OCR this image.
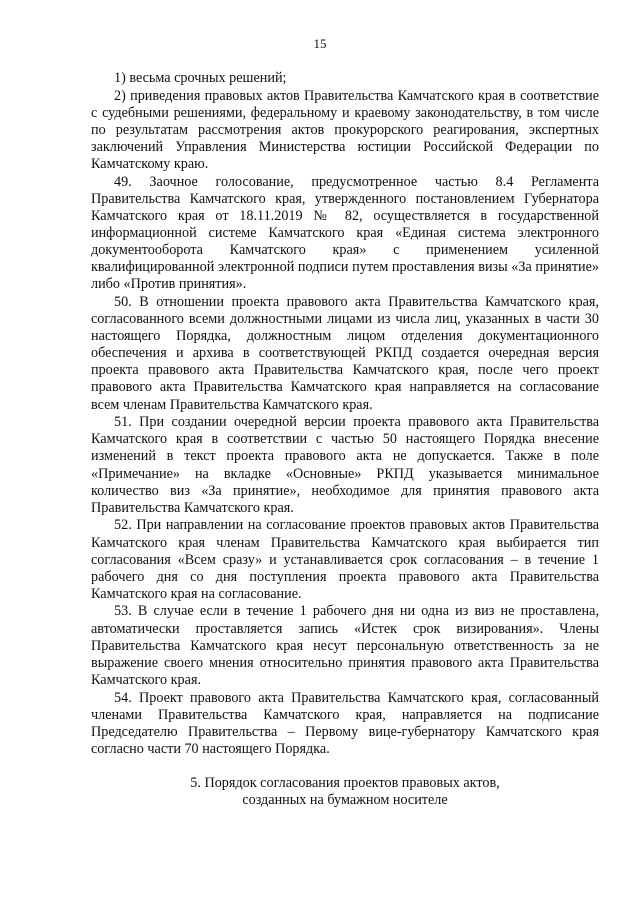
15

1) весьма срочных решений;

2) приведения правовых актов Правительства Камчатского края в соответствие с судебными решениями, федеральному и краевому законодательству, в том числе по результатам рассмотрения актов прокурорского реагирования, экспертных заключений Управления Министерства юстиции Российской Федерации по Камчатскому краю.

49. Заочное голосование, предусмотренное частью 8.4 Регламента Правительства Камчатского края, утвержденного постановлением Губернатора Камчатского края от 18.11.2019 № 82, осуществляется в государственной информационной системе Камчатского края «Единая система электронного документооборота Камчатского края» с применением усиленной квалифицированной электронной подписи путем проставления визы «За принятие» либо «Против принятия».

50. В отношении проекта правового акта Правительства Камчатского края, согласованного всеми должностными лицами из числа лиц, указанных в части 30 настоящего Порядка, должностным лицом отделения документационного обеспечения и архива в соответствующей РКПД создается очередная версия проекта правового акта Правительства Камчатского края, после чего проект правового акта Правительства Камчатского края направляется на согласование всем членам Правительства Камчатского края.

51. При создании очередной версии проекта правового акта Правительства Камчатского края в соответствии с частью 50 настоящего Порядка внесение изменений в текст проекта правового акта не допускается. Также в поле «Примечание» на вкладке «Основные» РКПД указывается минимальное количество виз «За принятие», необходимое для принятия правового акта Правительства Камчатского края.

52. При направлении на согласование проектов правовых актов Правительства Камчатского края членам Правительства Камчатского края выбирается тип согласования «Всем сразу» и устанавливается срок согласования – в течение 1 рабочего дня со дня поступления проекта правового акта Правительства Камчатского края на согласование.

53. В случае если в течение 1 рабочего дня ни одна из виз не проставлена, автоматически проставляется запись «Истек срок визирования». Члены Правительства Камчатского края несут персональную ответственность за не выражение своего мнения относительно принятия правового акта Правительства Камчатского края.

54. Проект правового акта Правительства Камчатского края, согласованный членами Правительства Камчатского края, направляется на подписание Председателю Правительства – Первому вице-губернатору Камчатского края согласно части 70 настоящего Порядка.

5. Порядок согласования проектов правовых актов,
созданных на бумажном носителе
